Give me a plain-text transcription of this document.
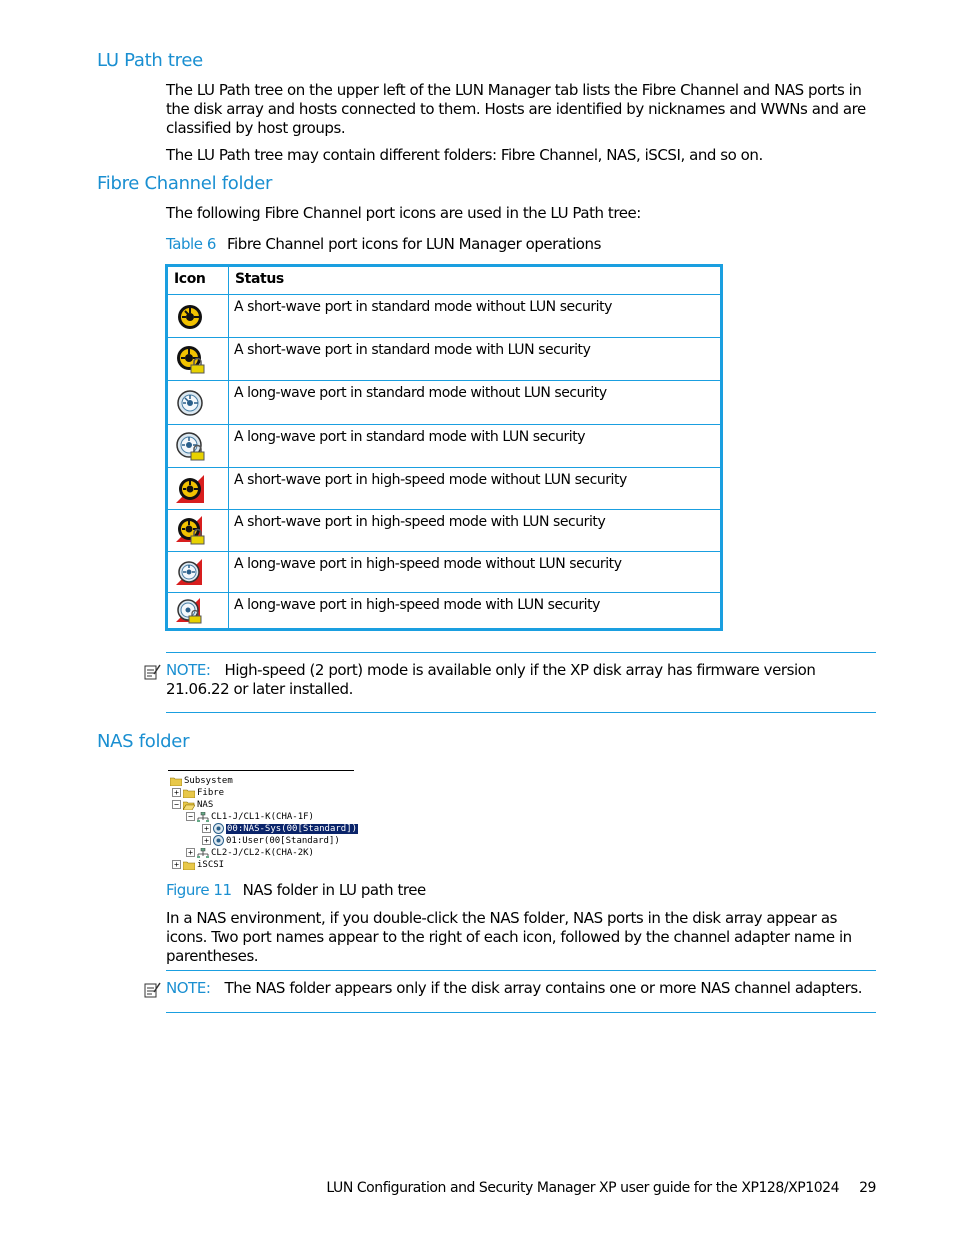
LU Path tree

The LU Path tree on the upper left of the LUN Manager tab lists the Fibre Channel and NAS ports in the disk array and hosts connected to them. Hosts are identified by nicknames and WWNs and are classified by host groups.

The LU Path tree may contain different folders: Fibre Channel, NAS, iSCSI, and so on.

Fibre Channel folder

The following Fibre Channel port icons are used in the LU Path tree:

Table 6 Fibre Channel port icons for LUN Manager operations

Icon	Status

	A short-wave port in standard mode without LUN security

	A short-wave port in standard mode with LUN security

	A long-wave port in standard mode without LUN security

	A long-wave port in standard mode with LUN security

	A short-wave port in high-speed mode without LUN security

	A short-wave port in high-speed mode with LUN security

	A long-wave port in high-speed mode without LUN security

	A long-wave port in high-speed mode with LUN security

NOTE: High-speed (2 port) mode is available only if the XP disk array has firmware version 21.06.22 or later installed.

NAS folder
Subsystem
+ Fibre
− NAS
− CL1-J/CL1-K(CHA-1F)
+ 00:NAS-Sys(00[Standard])
+ 01:User(00[Standard])
+ CL2-J/CL2-K(CHA-2K)
+ iSCSI

Figure 11 NAS folder in LU path tree

In a NAS environment, if you double-click the NAS folder, NAS ports in the disk array appear as icons. Two port names appear to the right of each icon, followed by the channel adapter name in parentheses.

NOTE: The NAS folder appears only if the disk array contains one or more NAS channel adapters.

LUN Configuration and Security Manager XP user guide for the XP128/XP1024 29
